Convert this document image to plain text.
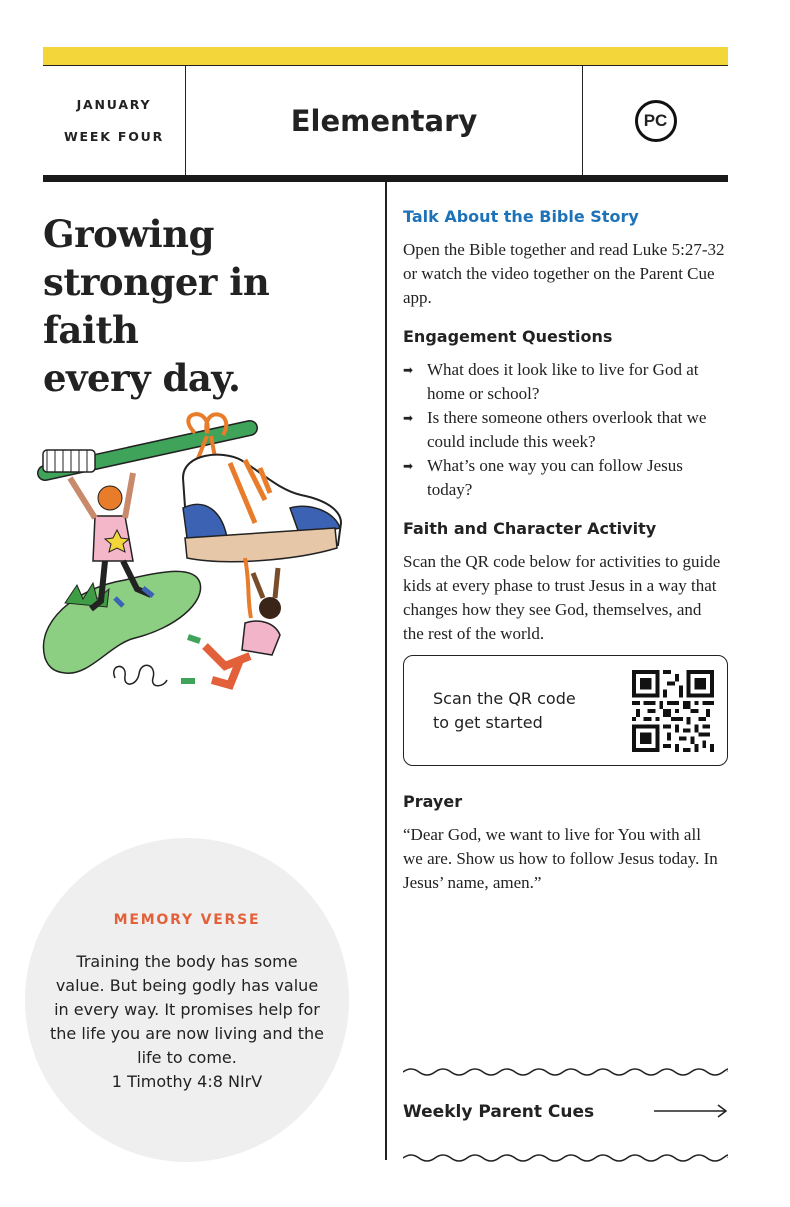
JANUARY
WEEK FOUR	Elementary	PC
Growing
stronger in faith
every day.
MEMORY VERSE
Training the body has some value. But being godly has value in every way. It promises help for the life you are now living and the life to come.
1 Timothy 4:8 NIrV
Talk About the Bible Story
Open the Bible together and read Luke 5:27-32 or watch the video together on the Parent Cue app.
Engagement Questions
➡ What does it look like to live for God at home or school?
➡ Is there someone others overlook that we could include this week?
➡ What’s one way you can follow Jesus today?
Faith and Character Activity
Scan the QR code below for activities to guide kids at every phase to trust Jesus in a way that changes how they see God, themselves, and the rest of the world.
Scan the QR code
to get started
Prayer
“Dear God, we want to live for You with all we are. Show us how to follow Jesus today. In Jesus’ name, amen.”
Weekly Parent Cues
